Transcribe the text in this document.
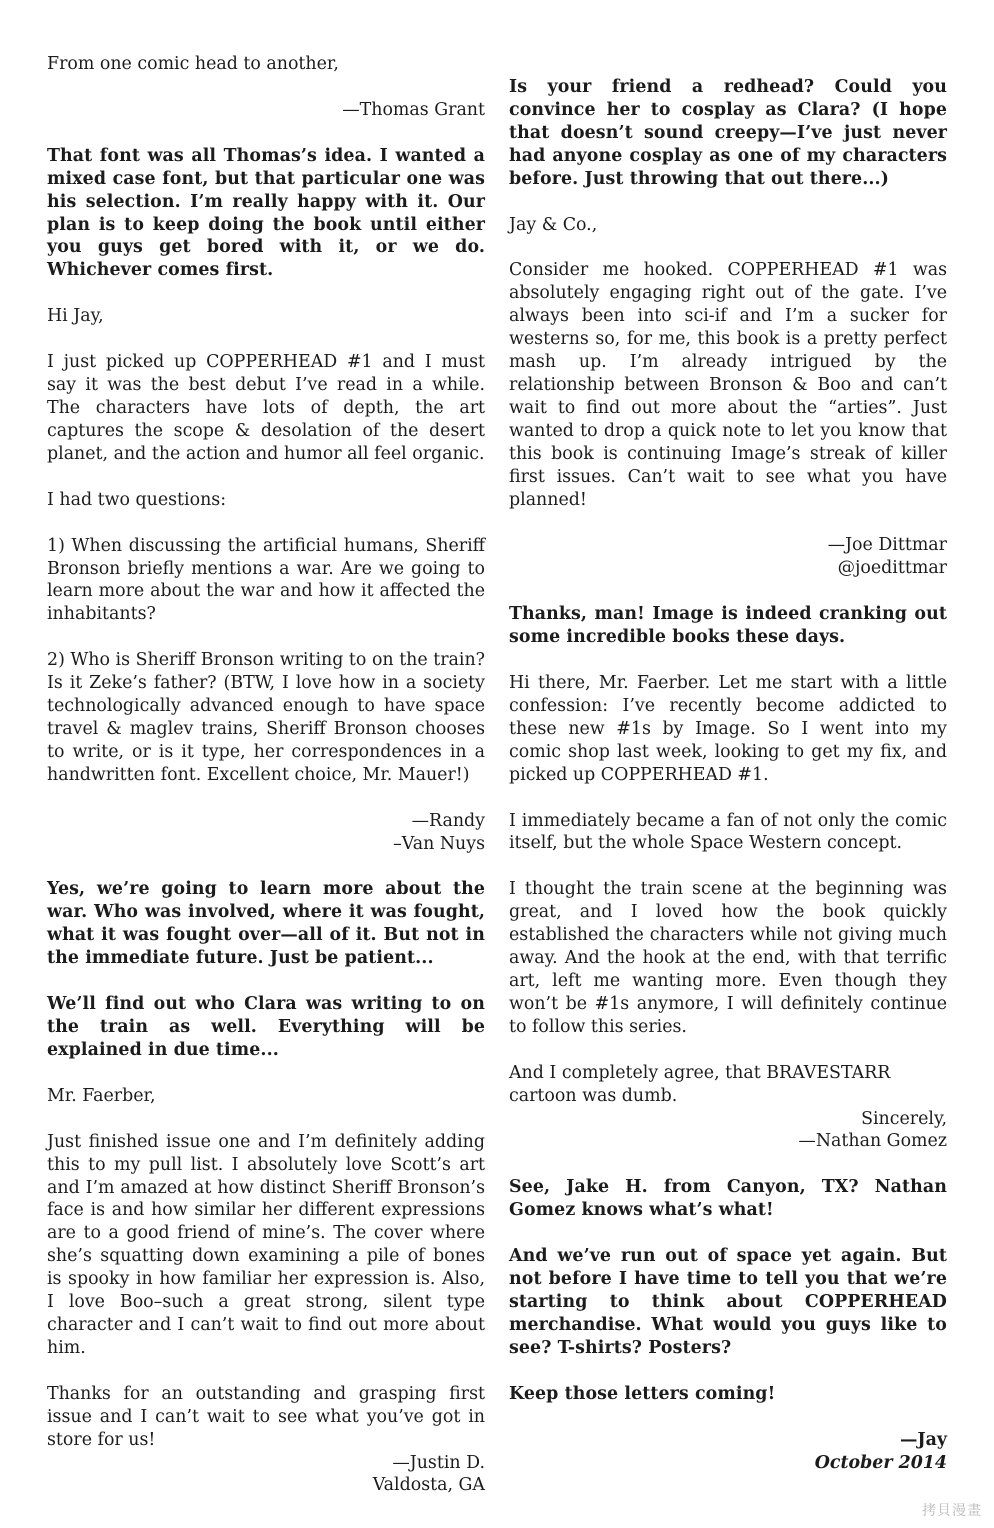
From one comic head to another,

—Thomas Grant

That font was all Thomas’s idea. I wanted a mixed case font, but that particular one was his selection. I’m really happy with it. Our plan is to keep doing the book until either you guys get bored with it, or we do. Whichever comes first.

Hi Jay,

I just picked up COPPERHEAD #1 and I must say it was the best debut I’ve read in a while. The characters have lots of depth, the art captures the scope & desolation of the desert planet, and the action and humor all feel organic.

I had two questions:

1) When discussing the artificial humans, Sheriff Bronson briefly mentions a war. Are we going to learn more about the war and how it affected the inhabitants?

2) Who is Sheriff Bronson writing to on the train? Is it Zeke’s father? (BTW, I love how in a society technologically advanced enough to have space travel & maglev trains, Sheriff Bronson chooses to write, or is it type, her correspondences in a handwritten font. Excellent choice, Mr. Mauer!)

—Randy

–Van Nuys

Yes, we’re going to learn more about the war. Who was involved, where it was fought, what it was fought over—all of it. But not in the immediate future. Just be patient...

We’ll find out who Clara was writing to on the train as well. Everything will be explained in due time...

Mr. Faerber,

Just finished issue one and I’m definitely adding this to my pull list. I absolutely love Scott’s art and I’m amazed at how distinct Sheriff Bronson’s face is and how similar her different expressions are to a good friend of mine’s. The cover where she’s squatting down examining a pile of bones is spooky in how familiar her expression is. Also, I love Boo–such a great strong, silent type character and I can’t wait to find out more about him.

Thanks for an outstanding and grasping first issue and I can’t wait to see what you’ve got in store for us!

—Justin D.

Valdosta, GA

Is your friend a redhead? Could you convince her to cosplay as Clara? (I hope that doesn’t sound creepy—I’ve just never had anyone cosplay as one of my characters before. Just throwing that out there...)

Jay & Co.,

Consider me hooked. COPPERHEAD #1 was absolutely engaging right out of the gate. I’ve always been into sci-if and I’m a sucker for westerns so, for me, this book is a pretty perfect mash up. I’m already intrigued by the relationship between Bronson & Boo and can’t wait to find out more about the “arties”. Just wanted to drop a quick note to let you know that this book is continuing Image’s streak of killer first issues. Can’t wait to see what you have planned!

—Joe Dittmar

@joedittmar

Thanks, man! Image is indeed cranking out some incredible books these days.

Hi there, Mr. Faerber. Let me start with a little confession: I’ve recently become addicted to these new #1s by Image. So I went into my comic shop last week, looking to get my fix, and picked up COPPERHEAD #1.

I immediately became a fan of not only the comic itself, but the whole Space Western concept.

I thought the train scene at the beginning was great, and I loved how the book quickly established the characters while not giving much away. And the hook at the end, with that terrific art, left me wanting more. Even though they won’t be #1s anymore, I will definitely continue to follow this series.

And I completely agree, that BRAVESTARR cartoon was dumb.

Sincerely,

—Nathan Gomez

See, Jake H. from Canyon, TX? Nathan Gomez knows what’s what!

And we’ve run out of space yet again. But not before I have time to tell you that we’re starting to think about COPPERHEAD merchandise. What would you guys like to see? T-shirts? Posters?

Keep those letters coming!

—Jay

October 2014

拷貝漫畫
